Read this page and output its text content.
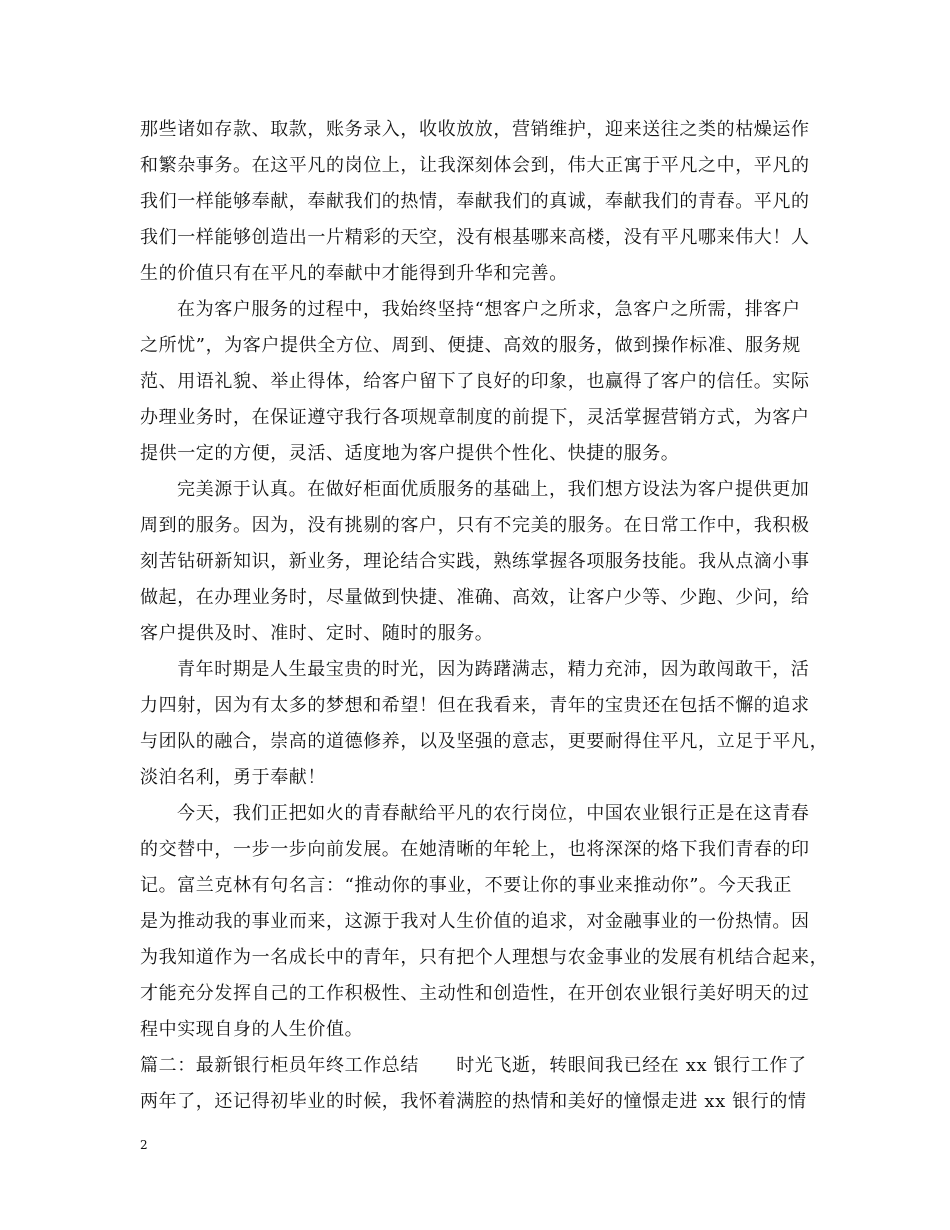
那些诸如存款、取款，账务录入，收收放放，营销维护，迎来送往之类的枯燥运作
和繁杂事务。在这平凡的岗位上，让我深刻体会到，伟大正寓于平凡之中，平凡的
我们一样能够奉献，奉献我们的热情，奉献我们的真诚，奉献我们的青春。平凡的
我们一样能够创造出一片精彩的天空，没有根基哪来高楼，没有平凡哪来伟大！人
生的价值只有在平凡的奉献中才能得到升华和完善。
在为客户服务的过程中，我始终坚持“想客户之所求，急客户之所需，排客户
之所忧”，为客户提供全方位、周到、便捷、高效的服务，做到操作标准、服务规
范、用语礼貌、举止得体，给客户留下了良好的印象，也赢得了客户的信任。实际
办理业务时，在保证遵守我行各项规章制度的前提下，灵活掌握营销方式，为客户
提供一定的方便，灵活、适度地为客户提供个性化、快捷的服务。
完美源于认真。在做好柜面优质服务的基础上，我们想方设法为客户提供更加
周到的服务。因为，没有挑剔的客户，只有不完美的服务。在日常工作中，我积极
刻苦钻研新知识，新业务，理论结合实践，熟练掌握各项服务技能。我从点滴小事
做起，在办理业务时，尽量做到快捷、准确、高效，让客户少等、少跑、少问，给
客户提供及时、准时、定时、随时的服务。
青年时期是人生最宝贵的时光，因为踌躇满志，精力充沛，因为敢闯敢干，活
力四射，因为有太多的梦想和希望！但在我看来，青年的宝贵还在包括不懈的追求
与团队的融合，崇高的道德修养，以及坚强的意志，更要耐得住平凡，立足于平凡，
淡泊名利，勇于奉献！
今天，我们正把如火的青春献给平凡的农行岗位，中国农业银行正是在这青春
的交替中，一步一步向前发展。在她清晰的年轮上，也将深深的烙下我们青春的印
记。富兰克林有句名言：“推动你的事业，不要让你的事业来推动你”。今天我正
是为推动我的事业而来，这源于我对人生价值的追求，对金融事业的一份热情。因
为我知道作为一名成长中的青年，只有把个人理想与农金事业的发展有机结合起来，
才能充分发挥自己的工作积极性、主动性和创造性，在开创农业银行美好明天的过
程中实现自身的人生价值。
篇二：最新银行柜员年终工作总结　　时光飞逝，转眼间我已经在 xx 银行工作了
两年了，还记得初毕业的时候，我怀着满腔的热情和美好的憧憬走进 xx 银行的情
2
